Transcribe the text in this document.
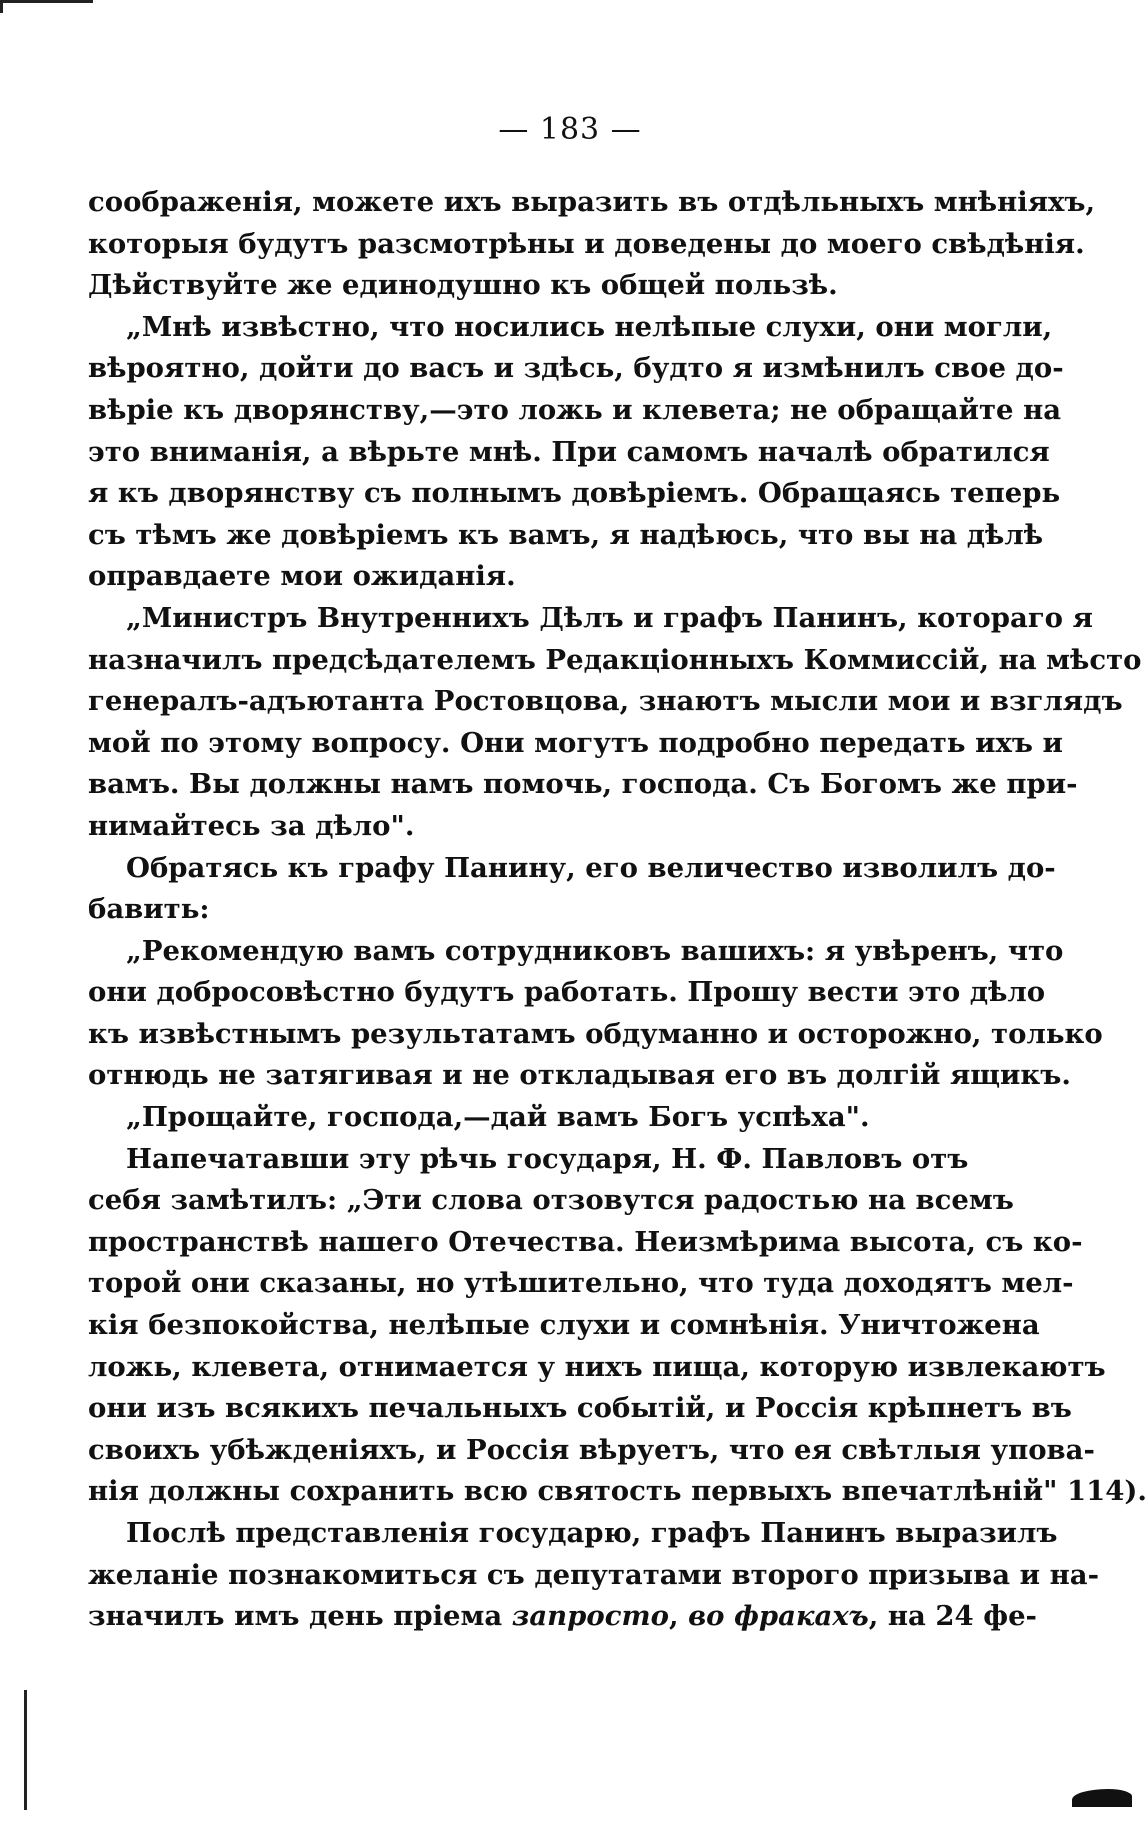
— 183 —
соображенія, можете ихъ выразить въ отдѣльныхъ мнѣніяхъ,
которыя будутъ разсмотрѣны и доведены до моего свѣдѣнія.
Дѣйствуйте же единодушно къ общей пользѣ.
„Мнѣ извѣстно, что носились нелѣпые слухи, они могли,
вѣроятно, дойти до васъ и здѣсь, будто я измѣнилъ свое до-
вѣріе къ дворянству,—это ложь и клевета; не обращайте на
это вниманія, а вѣрьте мнѣ. При самомъ началѣ обратился
я къ дворянству съ полнымъ довѣріемъ. Обращаясь теперь
съ тѣмъ же довѣріемъ къ вамъ, я надѣюсь, что вы на дѣлѣ
оправдаете мои ожиданія.
„Министръ Внутреннихъ Дѣлъ и графъ Панинъ, котораго я
назначилъ предсѣдателемъ Редакціонныхъ Коммиссій, на мѣсто
генералъ-адъютанта Ростовцова, знаютъ мысли мои и взглядъ
мой по этому вопросу. Они могутъ подробно передать ихъ и
вамъ. Вы должны намъ помочь, господа. Съ Богомъ же при-
нимайтесь за дѣло".
Обратясь къ графу Панину, его величество изволилъ до-
бавить:
„Рекомендую вамъ сотрудниковъ вашихъ: я увѣренъ, что
они добросовѣстно будутъ работать. Прошу вести это дѣло
къ извѣстнымъ результатамъ обдуманно и осторожно, только
отнюдь не затягивая и не откладывая его въ долгій ящикъ.
„Прощайте, господа,—дай вамъ Богъ успѣха".
Напечатавши эту рѣчь государя, Н. Ф. Павловъ отъ
себя замѣтилъ: „Эти слова отзовутся радостью на всемъ
пространствѣ нашего Отечества. Неизмѣрима высота, съ ко-
торой они сказаны, но утѣшительно, что туда доходятъ мел-
кія безпокойства, нелѣпые слухи и сомнѣнія. Уничтожена
ложь, клевета, отнимается у нихъ пища, которую извлекаютъ
они изъ всякихъ печальныхъ событій, и Россія крѣпнетъ въ
своихъ убѣжденіяхъ, и Россія вѣруетъ, что ея свѣтлыя упова-
нія должны сохранить всю святость первыхъ впечатлѣній" 114).
Послѣ представленія государю, графъ Панинъ выразилъ
желаніе познакомиться съ депутатами второго призыва и на-
значилъ имъ день пріема запросто, во фракахъ, на 24 фе-
